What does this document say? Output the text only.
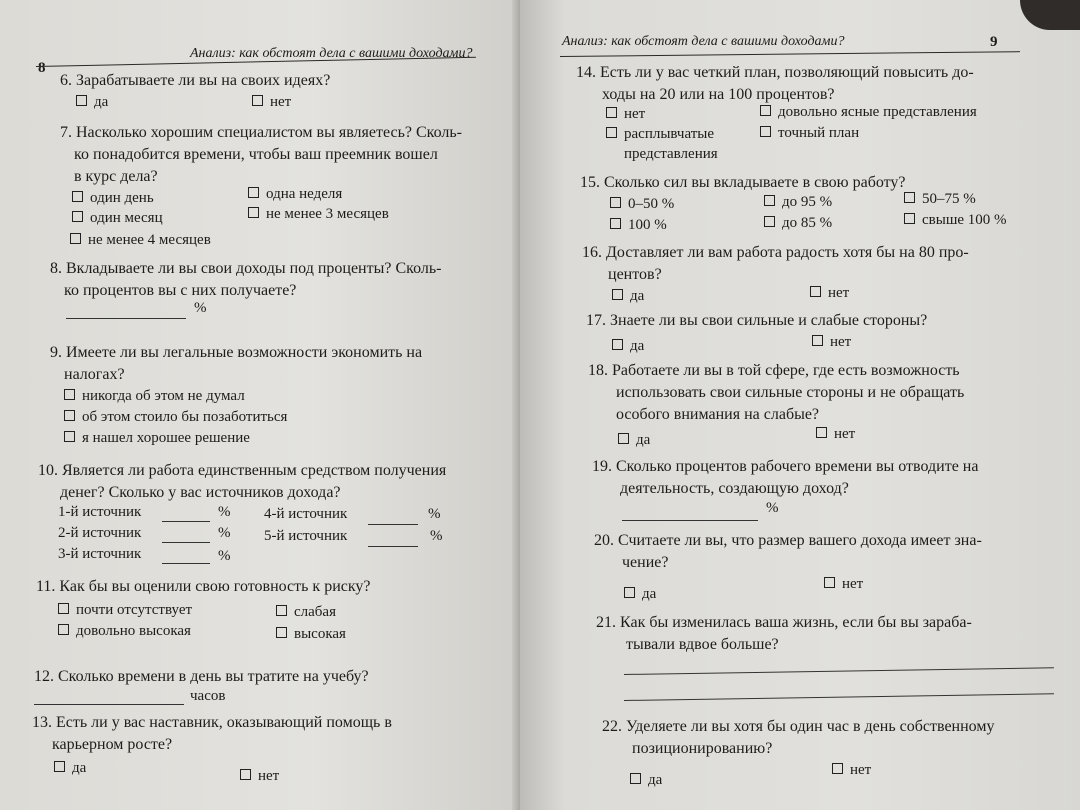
8
Анализ: как обстоят дела с вашими доходами?
6. Зарабатываете ли вы на своих идеях?
да	нет
7. Насколько хорошим специалистом вы являетесь? Сколь-
ко понадобится времени, чтобы ваш преемник вошел
в курс дела?
один день	одна неделя
один месяц	не менее 3 месяцев
не менее 4 месяцев
8. Вкладываете ли вы свои доходы под проценты? Сколь-
ко процентов вы с них получаете?
%
9. Имеете ли вы легальные возможности экономить на
налогах?
никогда об этом не думал
об этом стоило бы позаботиться
я нашел хорошее решение
10. Является ли работа единственным средством получения
денег? Сколько у вас источников дохода?
1-й источник	%
2-й источник	%
3-й источник	%
4-й источник	%
5-й источник	%
11. Как бы вы оценили свою готовность к риску?
почти отсутствует	слабая
довольно высокая	высокая
12. Сколько времени в день вы тратите на учебу?
часов
13. Есть ли у вас наставник, оказывающий помощь в
карьерном росте?
да	нет
Анализ: как обстоят дела с вашими доходами?	9
14. Есть ли у вас четкий план, позволяющий повысить до-
ходы на 20 или на 100 процентов?
нет	довольно ясные представления
расплывчатые	точный план
представления
15. Сколько сил вы вкладываете в свою работу?
0–50 %	до 95 %	50–75 %
100 %	до 85 %	свыше 100 %
16. Доставляет ли вам работа радость хотя бы на 80 про-
центов?
да	нет
17. Знаете ли вы свои сильные и слабые стороны?
да	нет
18. Работаете ли вы в той сфере, где есть возможность
использовать свои сильные стороны и не обращать
особого внимания на слабые?
да	нет
19. Сколько процентов рабочего времени вы отводите на
деятельность, создающую доход?
%
20. Считаете ли вы, что размер вашего дохода имеет зна-
чение?
да
нет
21. Как бы изменилась ваша жизнь, если бы вы зараба-
тывали вдвое больше?
22. Уделяете ли вы хотя бы один час в день собственному
позиционированию?
да
нет
